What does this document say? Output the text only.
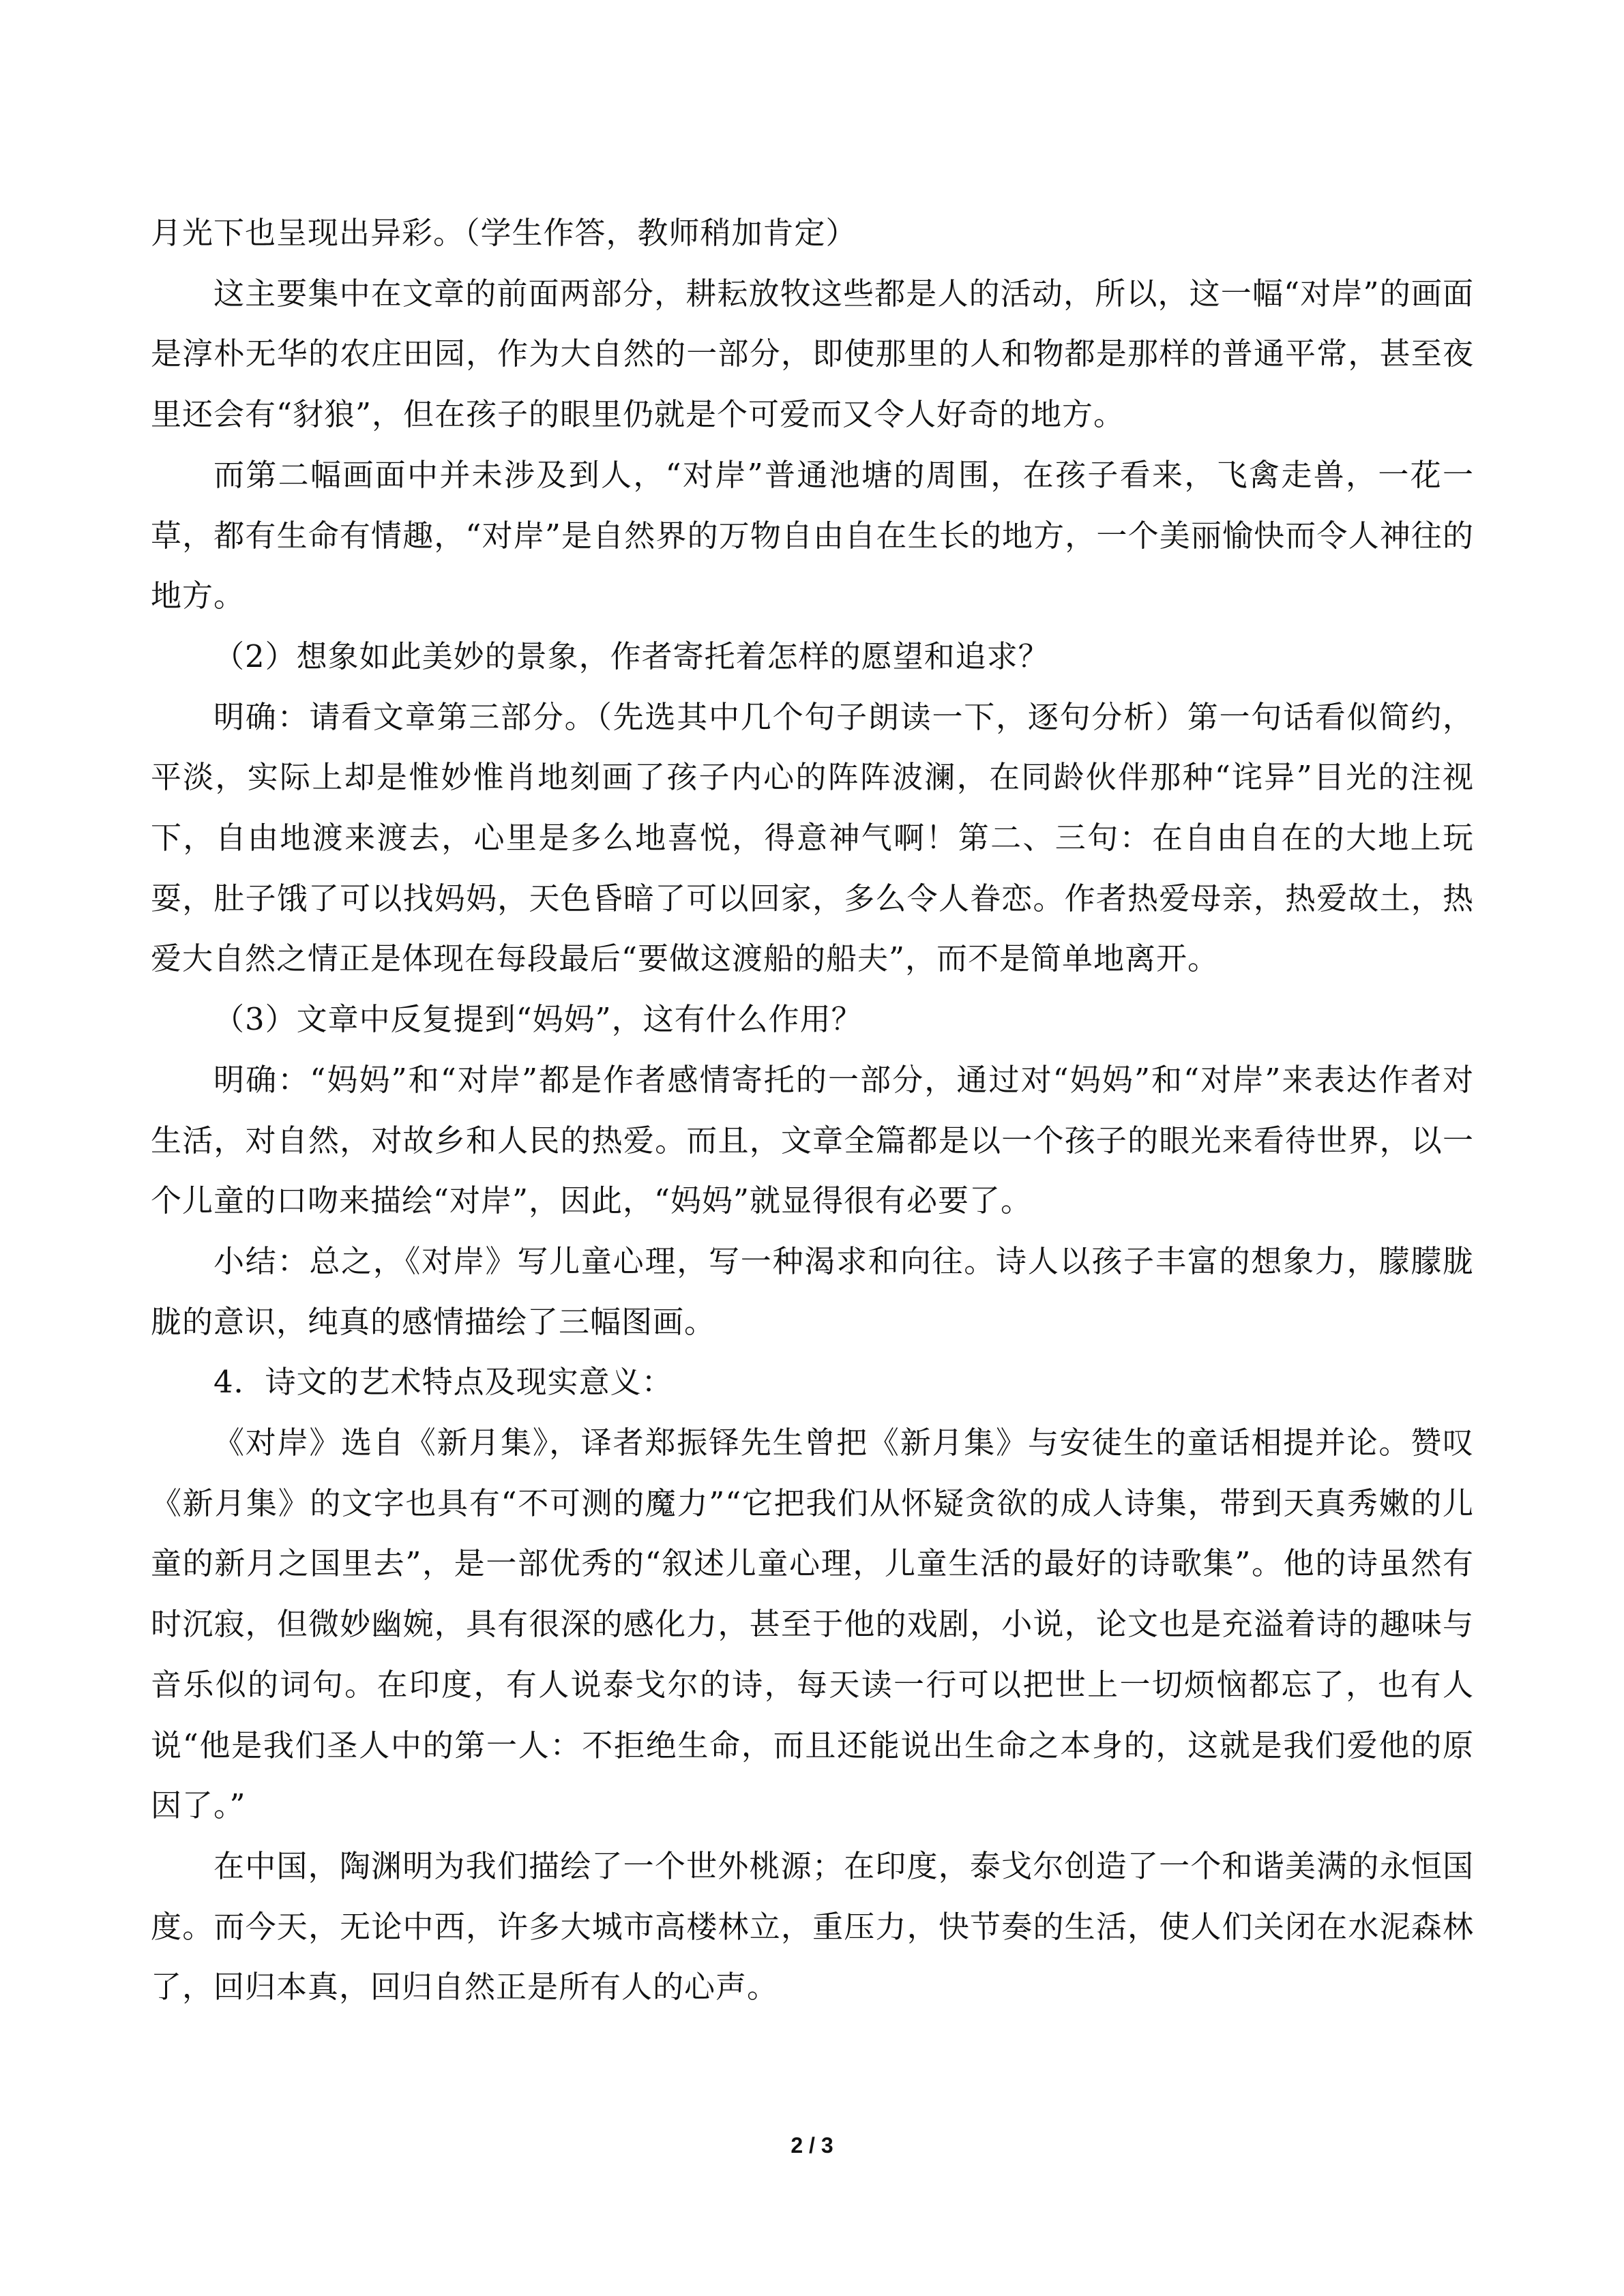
月光下也呈现出异彩。（学生作答，教师稍加肯定）

这主要集中在文章的前面两部分，耕耘放牧这些都是人的活动，所以，这一幅“对岸”的画面是淳朴无华的农庄田园，作为大自然的一部分，即使那里的人和物都是那样的普通平常，甚至夜里还会有“豺狼”，但在孩子的眼里仍就是个可爱而又令人好奇的地方。

而第二幅画面中并未涉及到人，“对岸”普通池塘的周围，在孩子看来，飞禽走兽，一花一草，都有生命有情趣，“对岸”是自然界的万物自由自在生长的地方，一个美丽愉快而令人神往的地方。

（2）想象如此美妙的景象，作者寄托着怎样的愿望和追求？

明确：请看文章第三部分。（先选其中几个句子朗读一下，逐句分析）第一句话看似简约，平淡，实际上却是惟妙惟肖地刻画了孩子内心的阵阵波澜，在同龄伙伴那种“诧异”目光的注视下，自由地渡来渡去，心里是多么地喜悦，得意神气啊！第二、三句：在自由自在的大地上玩耍，肚子饿了可以找妈妈，天色昏暗了可以回家，多么令人眷恋。作者热爱母亲，热爱故土，热爱大自然之情正是体现在每段最后“要做这渡船的船夫”，而不是简单地离开。

（3）文章中反复提到“妈妈”，这有什么作用？

明确：“妈妈”和“对岸”都是作者感情寄托的一部分，通过对“妈妈”和“对岸”来表达作者对生活，对自然，对故乡和人民的热爱。而且，文章全篇都是以一个孩子的眼光来看待世界，以一个儿童的口吻来描绘“对岸”，因此，“妈妈”就显得很有必要了。

小结：总之，《对岸》写儿童心理，写一种渴求和向往。诗人以孩子丰富的想象力，朦朦胧胧的意识，纯真的感情描绘了三幅图画。

4．诗文的艺术特点及现实意义：

《对岸》选自《新月集》，译者郑振铎先生曾把《新月集》与安徒生的童话相提并论。赞叹《新月集》的文字也具有“不可测的魔力”“它把我们从怀疑贪欲的成人诗集，带到天真秀嫩的儿童的新月之国里去”，是一部优秀的“叙述儿童心理，儿童生活的最好的诗歌集”。他的诗虽然有时沉寂，但微妙幽婉，具有很深的感化力，甚至于他的戏剧，小说，论文也是充溢着诗的趣味与音乐似的词句。在印度，有人说泰戈尔的诗，每天读一行可以把世上一切烦恼都忘了，也有人说“他是我们圣人中的第一人：不拒绝生命，而且还能说出生命之本身的，这就是我们爱他的原因了。”

在中国，陶渊明为我们描绘了一个世外桃源；在印度，泰戈尔创造了一个和谐美满的永恒国度。而今天，无论中西，许多大城市高楼林立，重压力，快节奏的生活，使人们关闭在水泥森林了，回归本真，回归自然正是所有人的心声。

2 / 3
